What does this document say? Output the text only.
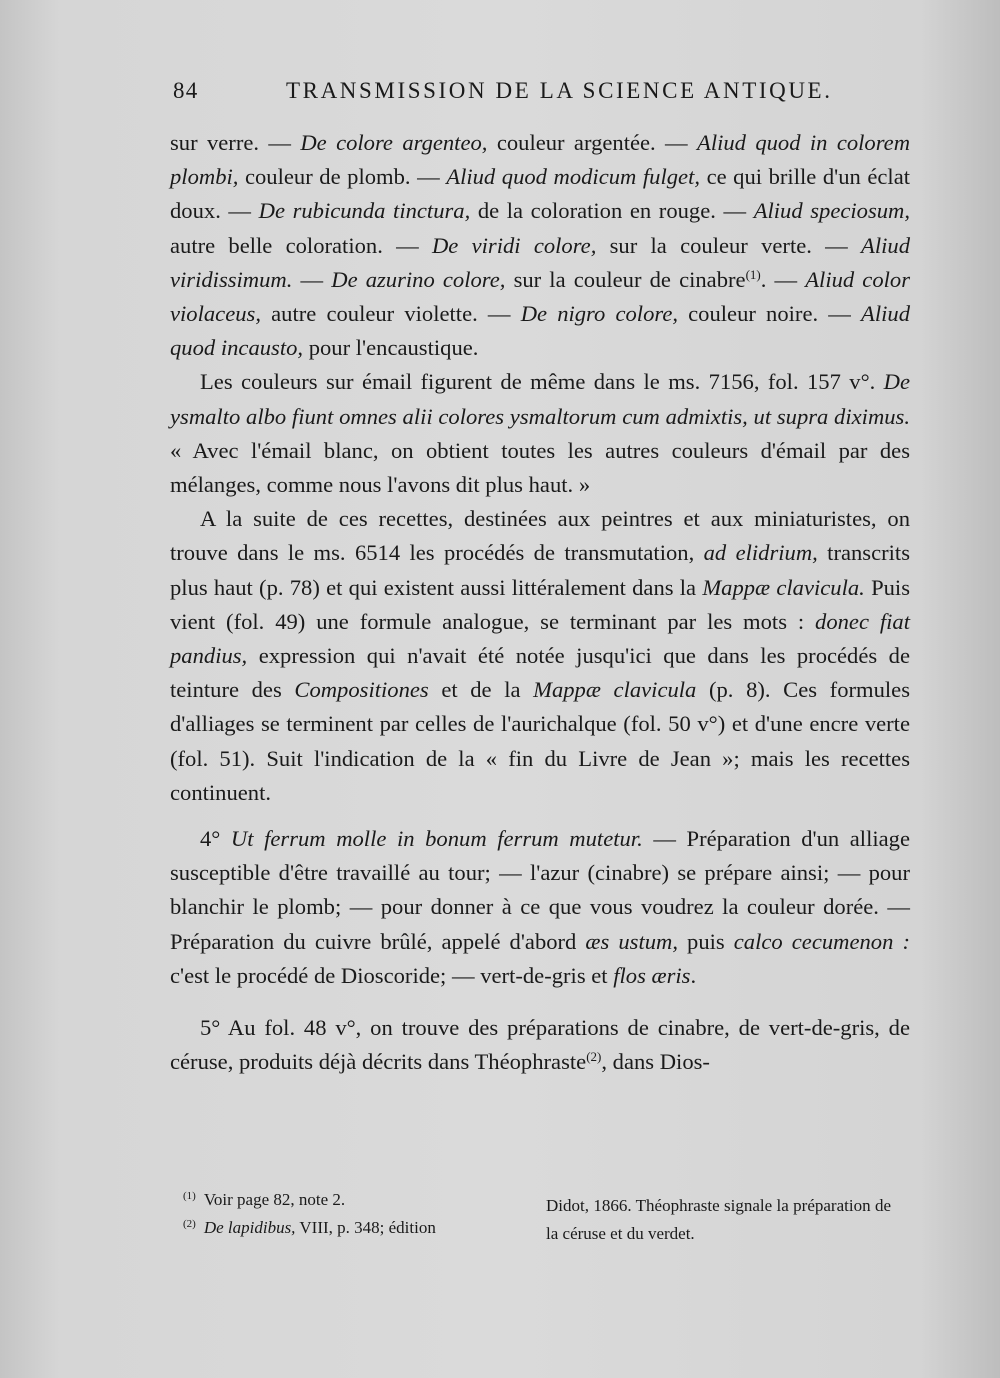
84	TRANSMISSION DE LA SCIENCE ANTIQUE.

sur verre. — De colore argenteo, couleur argentée. — Aliud quod in colorem plombi, couleur de plomb. — Aliud quod modicum fulget, ce qui brille d'un éclat doux. — De rubicunda tinctura, de la coloration en rouge. — Aliud speciosum, autre belle coloration. — De viridi colore, sur la couleur verte. — Aliud viridissimum. — De azurino colore, sur la couleur de cinabre$^{(1)}$. — Aliud color violaceus, autre couleur violette. — De nigro colore, couleur noire. — Aliud quod incausto, pour l'encaustique.

Les couleurs sur émail figurent de même dans le ms. 7156, fol. 157 v°. De ysmalto albo fiunt omnes alii colores ysmaltorum cum admixtis, ut supra diximus. « Avec l'émail blanc, on obtient toutes les autres couleurs d'émail par des mélanges, comme nous l'avons dit plus haut. »

A la suite de ces recettes, destinées aux peintres et aux miniaturistes, on trouve dans le ms. 6514 les procédés de transmutation, ad elidrium, transcrits plus haut (p. 78) et qui existent aussi littéralement dans la Mappæ clavicula. Puis vient (fol. 49) une formule analogue, se terminant par les mots : donec fiat pandius, expression qui n'avait été notée jusqu'ici que dans les procédés de teinture des Compositiones et de la Mappæ clavicula (p. 8). Ces formules d'alliages se terminent par celles de l'aurichalque (fol. 50 v°) et d'une encre verte (fol. 51). Suit l'indication de la « fin du Livre de Jean »; mais les recettes continuent.

4° Ut ferrum molle in bonum ferrum mutetur. — Préparation d'un alliage susceptible d'être travaillé au tour; — l'azur (cinabre) se prépare ainsi; — pour blanchir le plomb; — pour donner à ce que vous voudrez la couleur dorée. — Préparation du cuivre brûlé, appelé d'abord æs ustum, puis calco cecumenon : c'est le procédé de Dioscoride; — vert-de-gris et flos æris.

5° Au fol. 48 v°, on trouve des préparations de cinabre, de vert-de-gris, de céruse, produits déjà décrits dans Théophraste$^{(2)}$, dans Dios-

$^{(1)}$ Voir page 82, note 2.
$^{(2)}$ De lapidibus, VIII, p. 348; édition
Didot, 1866. Théophraste signale la préparation de la céruse et du verdet.
